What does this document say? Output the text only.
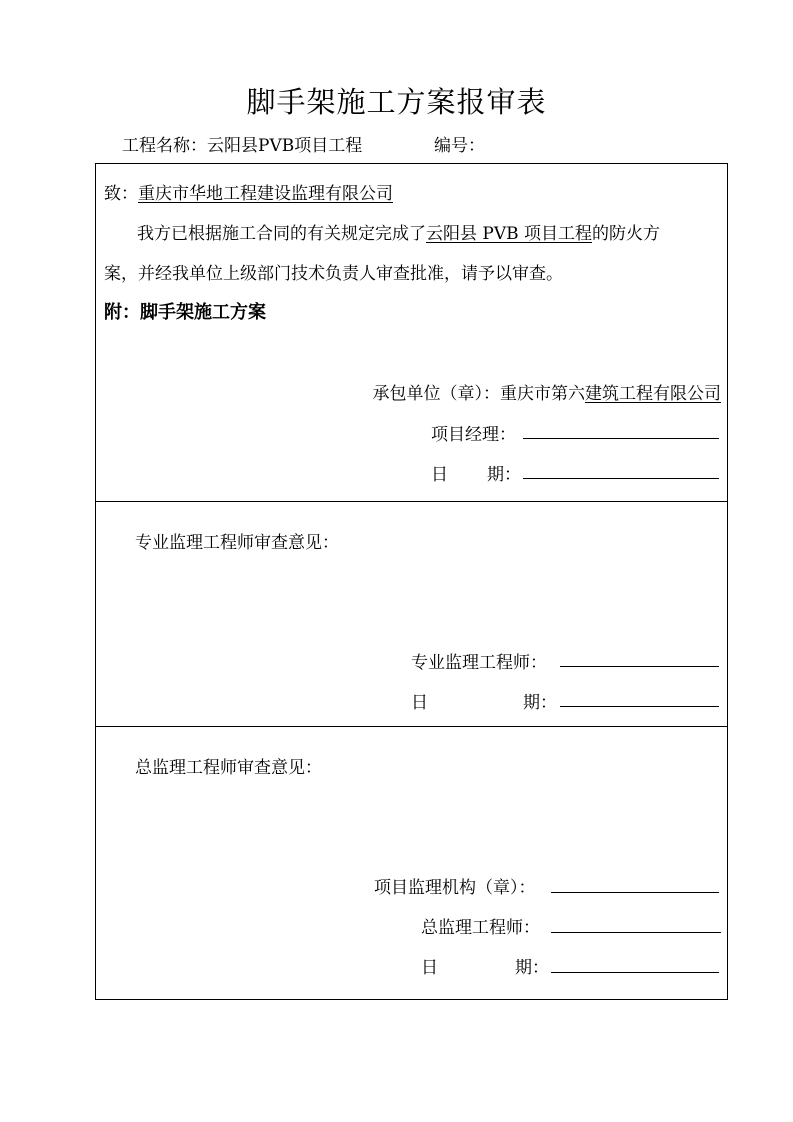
脚手架施工方案报审表
工程名称：云阳县PVB项目工程	编号：
致：重庆市华地工程建设监理有限公司
我方已根据施工合同的有关规定完成了云阳县 PVB 项目工程的防火方
案，并经我单位上级部门技术负责人审查批准，请予以审查。
附：脚手架施工方案
承包单位（章）：重庆市第六建筑工程有限公司
项目经理：
日 期：
专业监理工程师审查意见：
专业监理工程师：
日	期：
总监理工程师审查意见：
项目监理机构（章）：
总监理工程师：
日	期：
